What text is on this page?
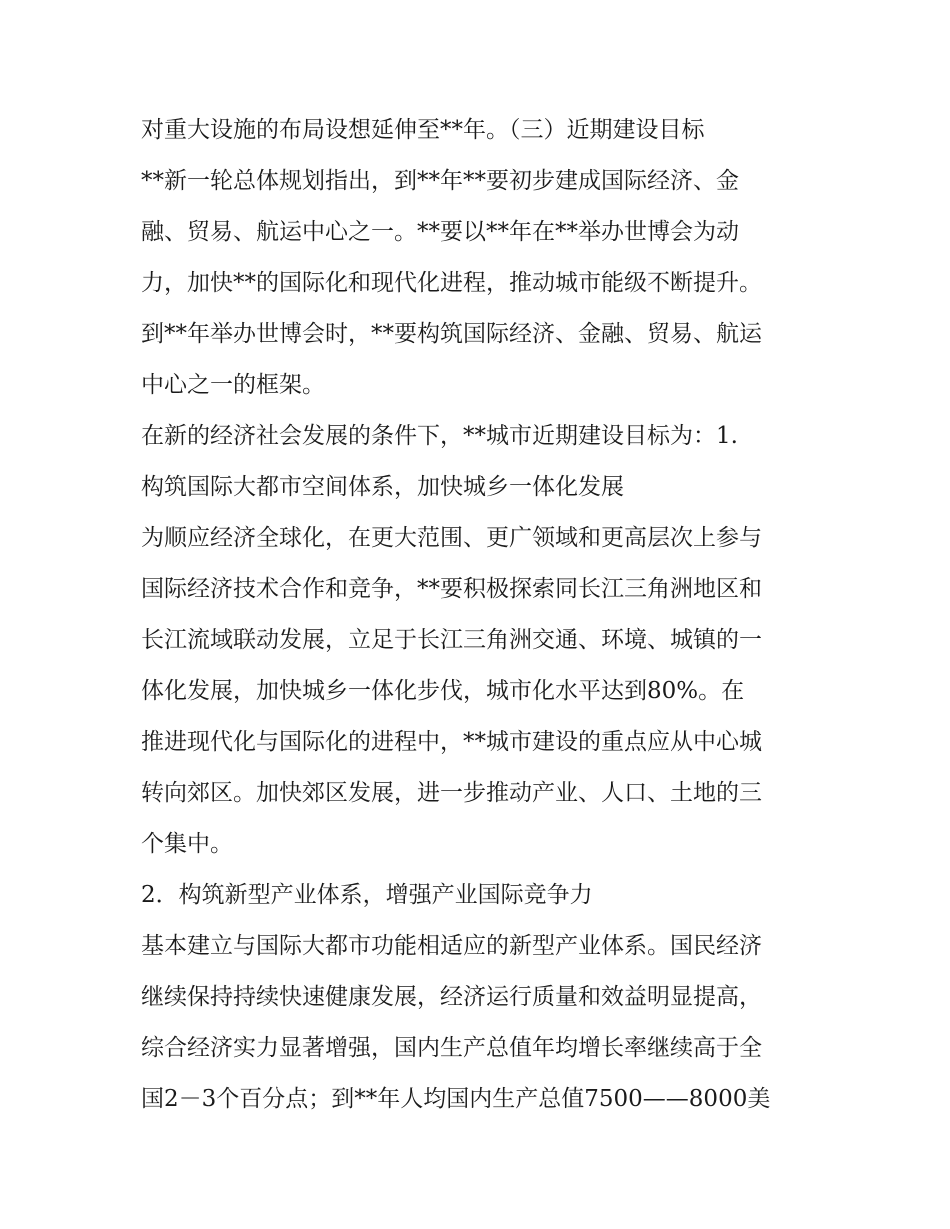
对重大设施的布局设想延伸至**年。（三）近期建设目标
**新一轮总体规划指出，到**年**要初步建成国际经济、金
融、贸易、航运中心之一。**要以**年在**举办世博会为动
力，加快**的国际化和现代化进程，推动城市能级不断提升。
到**年举办世博会时，**要构筑国际经济、金融、贸易、航运
中心之一的框架。
在新的经济社会发展的条件下，**城市近期建设目标为：1.
构筑国际大都市空间体系，加快城乡一体化发展
为顺应经济全球化，在更大范围、更广领域和更高层次上参与
国际经济技术合作和竞争，**要积极探索同长江三角洲地区和
长江流域联动发展，立足于长江三角洲交通、环境、城镇的一
体化发展，加快城乡一体化步伐，城市化水平达到80%。在
推进现代化与国际化的进程中，**城市建设的重点应从中心城
转向郊区。加快郊区发展，进一步推动产业、人口、土地的三
个集中。
2．构筑新型产业体系，增强产业国际竞争力
基本建立与国际大都市功能相适应的新型产业体系。国民经济
继续保持持续快速健康发展，经济运行质量和效益明显提高，
综合经济实力显著增强，国内生产总值年均增长率继续高于全
国2－3个百分点；到**年人均国内生产总值7500——8000美
